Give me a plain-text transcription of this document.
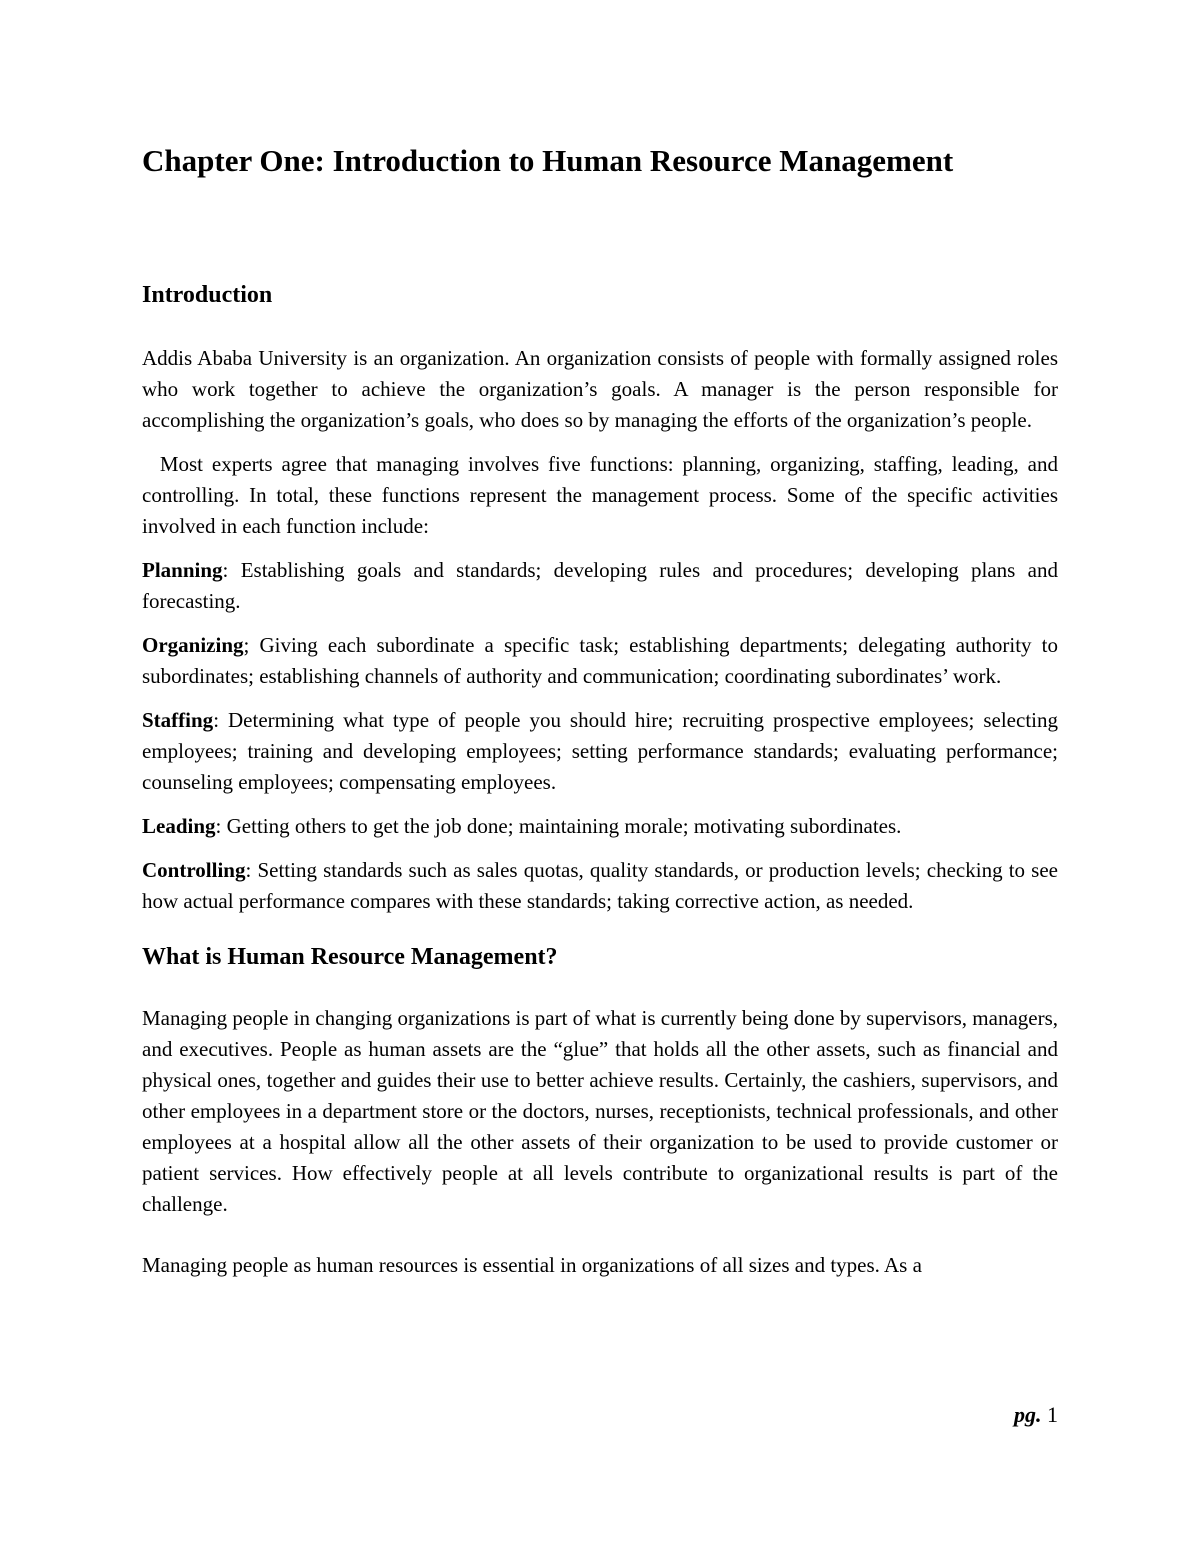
Chapter One: Introduction to Human Resource Management
Introduction

Addis Ababa University is an organization. An organization consists of people with formally assigned roles who work together to achieve the organization’s goals. A manager is the person responsible for accomplishing the organization’s goals, who does so by managing the efforts of the organization’s people.

Most experts agree that managing involves five functions: planning, organizing, staffing, leading, and controlling. In total, these functions represent the management process. Some of the specific activities involved in each function include:

Planning: Establishing goals and standards; developing rules and procedures; developing plans and forecasting.

Organizing; Giving each subordinate a specific task; establishing departments; delegating authority to subordinates; establishing channels of authority and communication; coordinating subordinates’ work.

Staffing: Determining what type of people you should hire; recruiting prospective employees; selecting employees; training and developing employees; setting performance standards; evaluating performance; counseling employees; compensating employees.

Leading: Getting others to get the job done; maintaining morale; motivating subordinates.

Controlling: Setting standards such as sales quotas, quality standards, or production levels; checking to see how actual performance compares with these standards; taking corrective action, as needed.

What is Human Resource Management?

Managing people in changing organizations is part of what is currently being done by supervisors, managers, and executives. People as human assets are the “glue” that holds all the other assets, such as financial and physical ones, together and guides their use to better achieve results. Certainly, the cashiers, supervisors, and other employees in a department store or the doctors, nurses, receptionists, technical professionals, and other employees at a hospital allow all the other assets of their organization to be used to provide customer or patient services. How effectively people at all levels contribute to organizational results is part of the challenge.

Managing people as human resources is essential in organizations of all sizes and types. As a

pg. 1
